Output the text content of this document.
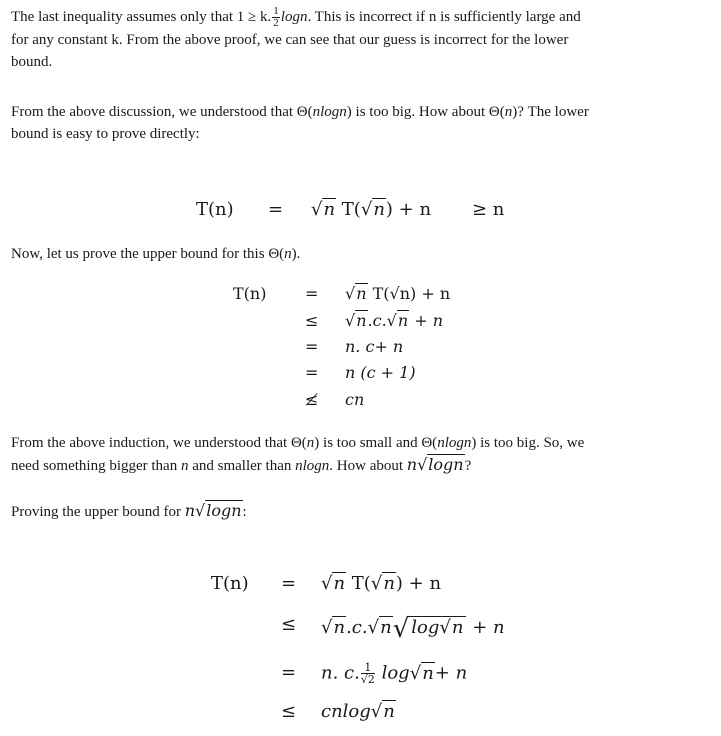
The last inequality assumes only that 1 ≥ k. $\frac{1}{2} \log n$. This is incorrect if n is sufficiently large and
for any constant k. From the above proof, we can see that our guess is incorrect for the lower
bound.
From the above discussion, we understood that Θ(nlogn) is too big. How about Θ(n)? The lower
bound is easy to prove directly:
T(n) = √n T(√n) + n ≥ n
Now, let us prove the upper bound for this Θ(n).
T(n) =
≤
=
=
≰
√n T(√n) + n
√n.c.√n + n
n. c+ n
n (c + 1)
cn
From the above induction, we understood that Θ(n) is too small and Θ(nlogn) is too big. So, we
need something bigger than n and smaller than nlogn. How about n√logn?
Proving the upper bound for n√logn:
T(n) =
≤
=
≤
√n T(√n) + n
√n.c.√n√ log√n + n
n. c. $\frac{1}{√2} \log√n+ n$
cnlog√n
